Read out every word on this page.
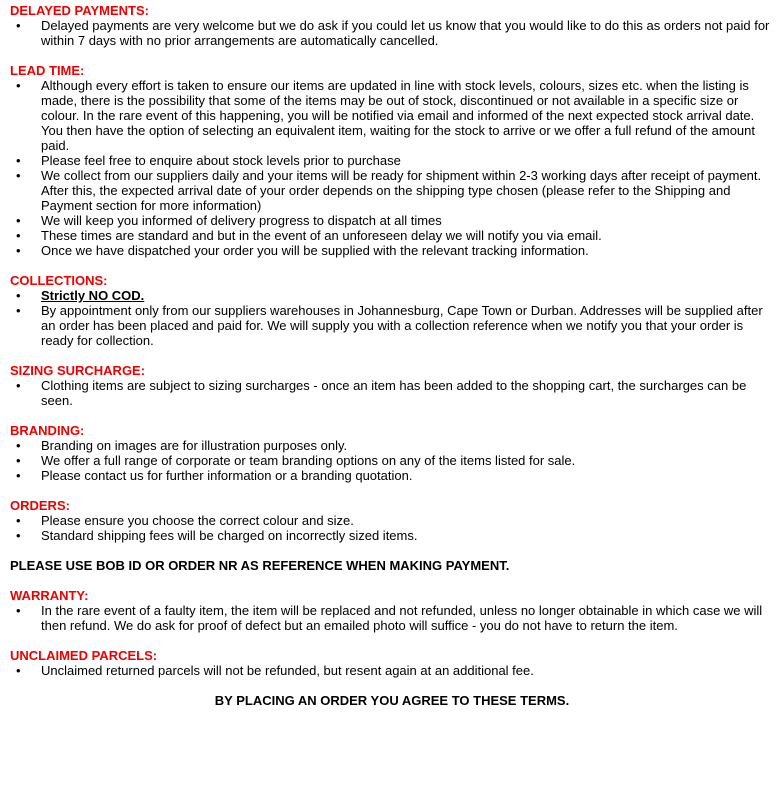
DELAYED PAYMENTS:

• Delayed payments are very welcome but we do ask if you could let us know that you would like to do this as orders not paid for within 7 days with no prior arrangements are automatically cancelled.

LEAD TIME:

• Although every effort is taken to ensure our items are updated in line with stock levels, colours, sizes etc. when the listing is made, there is the possibility that some of the items may be out of stock, discontinued or not available in a specific size or colour. In the rare event of this happening, you will be notified via email and informed of the next expected stock arrival date. You then have the option of selecting an equivalent item, waiting for the stock to arrive or we offer a full refund of the amount paid.
• Please feel free to enquire about stock levels prior to purchase
• We collect from our suppliers daily and your items will be ready for shipment within 2-3 working days after receipt of payment. After this, the expected arrival date of your order depends on the shipping type chosen (please refer to the Shipping and Payment section for more information)
• We will keep you informed of delivery progress to dispatch at all times
• These times are standard and but in the event of an unforeseen delay we will notify you via email.
• Once we have dispatched your order you will be supplied with the relevant tracking information.

COLLECTIONS:

• Strictly NO COD.
• By appointment only from our suppliers warehouses in Johannesburg, Cape Town or Durban. Addresses will be supplied after an order has been placed and paid for. We will supply you with a collection reference when we notify you that your order is ready for collection.

SIZING SURCHARGE:

• Clothing items are subject to sizing surcharges - once an item has been added to the shopping cart, the surcharges can be seen.

BRANDING:

• Branding on images are for illustration purposes only.
• We offer a full range of corporate or team branding options on any of the items listed for sale.
• Please contact us for further information or a branding quotation.

ORDERS:

• Please ensure you choose the correct colour and size.
• Standard shipping fees will be charged on incorrectly sized items.

PLEASE USE BOB ID OR ORDER NR AS REFERENCE WHEN MAKING PAYMENT.

WARRANTY:

• In the rare event of a faulty item, the item will be replaced and not refunded, unless no longer obtainable in which case we will then refund. We do ask for proof of defect but an emailed photo will suffice - you do not have to return the item.

UNCLAIMED PARCELS:

• Unclaimed returned parcels will not be refunded, but resent again at an additional fee.

BY PLACING AN ORDER YOU AGREE TO THESE TERMS.
